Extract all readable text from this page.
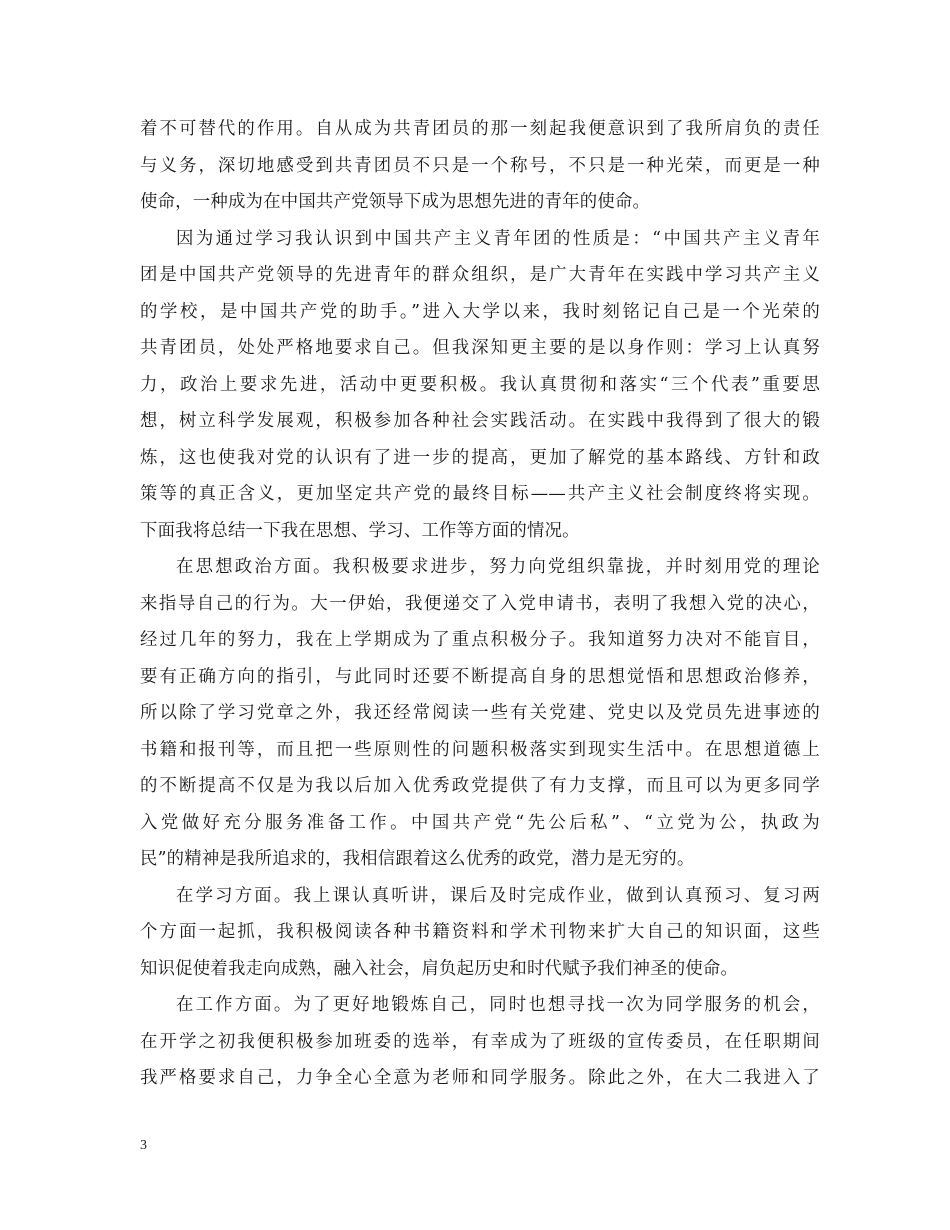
着不可替代的作用。自从成为共青团员的那一刻起我便意识到了我所肩负的责任
与义务，深切地感受到共青团员不只是一个称号，不只是一种光荣，而更是一种
使命，一种成为在中国共产党领导下成为思想先进的青年的使命。
因为通过学习我认识到中国共产主义青年团的性质是：“中国共产主义青年
团是中国共产党领导的先进青年的群众组织，是广大青年在实践中学习共产主义
的学校，是中国共产党的助手。”进入大学以来，我时刻铭记自己是一个光荣的
共青团员，处处严格地要求自己。但我深知更主要的是以身作则：学习上认真努
力，政治上要求先进，活动中更要积极。我认真贯彻和落实“三个代表”重要思
想，树立科学发展观，积极参加各种社会实践活动。在实践中我得到了很大的锻
炼，这也使我对党的认识有了进一步的提高，更加了解党的基本路线、方针和政
策等的真正含义，更加坚定共产党的最终目标——共产主义社会制度终将实现。
下面我将总结一下我在思想、学习、工作等方面的情况。
在思想政治方面。我积极要求进步，努力向党组织靠拢，并时刻用党的理论
来指导自己的行为。大一伊始，我便递交了入党申请书，表明了我想入党的决心，
经过几年的努力，我在上学期成为了重点积极分子。我知道努力决对不能盲目，
要有正确方向的指引，与此同时还要不断提高自身的思想觉悟和思想政治修养，
所以除了学习党章之外，我还经常阅读一些有关党建、党史以及党员先进事迹的
书籍和报刊等，而且把一些原则性的问题积极落实到现实生活中。在思想道德上
的不断提高不仅是为我以后加入优秀政党提供了有力支撑，而且可以为更多同学
入党做好充分服务准备工作。中国共产党“先公后私”、“立党为公，执政为
民”的精神是我所追求的，我相信跟着这么优秀的政党，潜力是无穷的。
在学习方面。我上课认真听讲，课后及时完成作业，做到认真预习、复习两
个方面一起抓，我积极阅读各种书籍资料和学术刊物来扩大自己的知识面，这些
知识促使着我走向成熟，融入社会，肩负起历史和时代赋予我们神圣的使命。
在工作方面。为了更好地锻炼自己，同时也想寻找一次为同学服务的机会，
在开学之初我便积极参加班委的选举，有幸成为了班级的宣传委员，在任职期间
我严格要求自己，力争全心全意为老师和同学服务。除此之外，在大二我进入了
3
